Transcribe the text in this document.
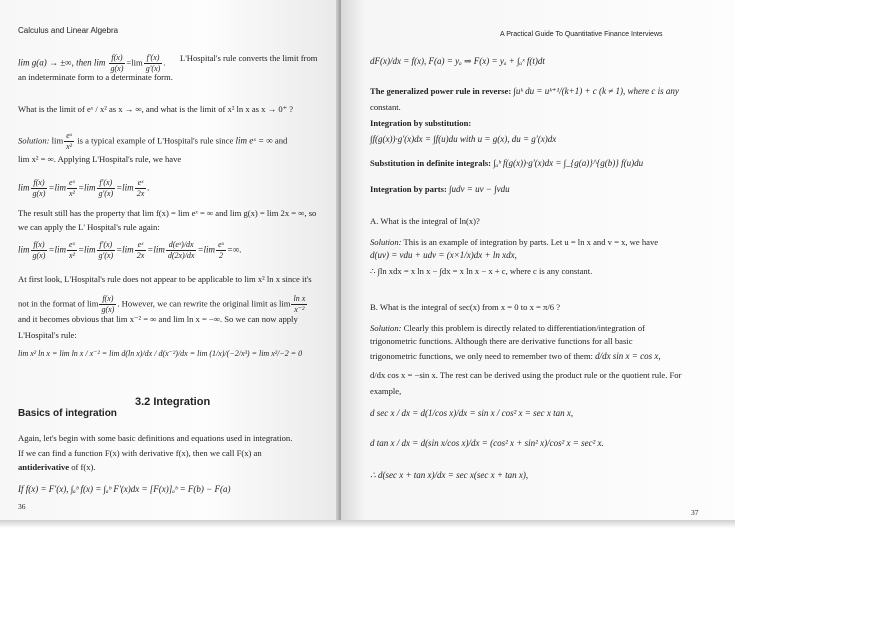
Calculus and Linear Algebra
lim g(a) → ±∞, then $\lim \frac{f(x)}{g(x)} =\lim \frac{f'(x)}{g'(x)}$ . L'Hospital's rule converts the limit from
an indeterminate form to a determinate form.
What is the limit of eˣ / x² as x → ∞, and what is the limit of x² ln x as x → 0⁺ ?
Solution: $\lim \frac{\text{eˣ}}{\text{x²}}$ is a typical example of L'Hospital's rule since lim eˣ = ∞ and
lim x² = ∞. Applying L'Hospital's rule, we have
$\lim \frac{f(x)}{g(x)} =\lim \frac{\text{eˣ}}{\text{x²}} =\lim \frac{f'(x)}{g'(x)} =\lim \frac{\text{eˣ}}{2x}$ .
The result still has the property that lim f(x) = lim eˣ = ∞ and lim g(x) = lim 2x = ∞, so
we can apply the L' Hospital's rule again:
$\lim \frac{f(x)}{g(x)} =\lim \frac{\text{eˣ}}{\text{x²}} =\lim \frac{f'(x)}{g'(x)} =\lim \frac{\text{eˣ}}{2x} =\lim \frac{\text{d(eˣ)/dx}}{d(2x)/dx} =\lim \frac{\text{eˣ}}{2}$ =∞.
At first look, L'Hospital's rule does not appear to be applicable to lim x² ln x since it's
not in the format of $\lim \frac{f(x)}{g(x)}$ . However, we can rewrite the original limit as $\lim \frac{\text{ln x}}{\text{x⁻²}}$
and it becomes obvious that lim x⁻² = ∞ and lim ln x = −∞. So we can now apply
L'Hospital's rule:
lim x² ln x = lim ln x / x⁻² = lim d(ln x)/dx / d(x⁻²)/dx = lim (1/x)/(−2/x³) = lim x²/−2 = 0
3.2 Integration
Basics of integration
Again, let's begin with some basic definitions and equations used in integration.
If we can find a function F(x) with derivative f(x), then we call F(x) an
antiderivative of f(x).
If f(x) = F'(x), ∫ₐᵇ f(x) = ∫ₐᵇ F'(x)dx = [F(x)]ₐᵇ = F(b) − F(a)
36
A Practical Guide To Quantitative Finance Interviews
dF(x)/dx = f(x), F(a) = yₐ ⇒ F(x) = yₐ + ∫ₐˣ f(t)dt
The generalized power rule in reverse: ∫uᵏ du = uᵏ⁺¹/(k+1) + c (k ≠ 1), where c is any
constant.
Integration by substitution:
∫f(g(x))·g'(x)dx = ∫f(u)du with u = g(x), du = g'(x)dx
Substitution in definite integrals: ∫ₐᵇ f(g(x))·g'(x)dx = ∫_{g(a)}^{g(b)} f(u)du
Integration by parts: ∫udv = uv − ∫vdu
A. What is the integral of ln(x)?
Solution: This is an example of integration by parts. Let u = ln x and v = x, we have
d(uv) = vdu + udv = (x×1/x)dx + ln xdx,
∴ ∫ln xdx = x ln x − ∫dx = x ln x − x + c, where c is any constant.
B. What is the integral of sec(x) from x = 0 to x = π/6 ?
Solution: Clearly this problem is directly related to differentiation/integration of
trigonometric functions. Although there are derivative functions for all basic
trigonometric functions, we only need to remember two of them: d/dx sin x = cos x,
d/dx cos x = −sin x. The rest can be derived using the product rule or the quotient rule. For
example,
d sec x / dx = d(1/cos x)/dx = sin x / cos² x = sec x tan x,
d tan x / dx = d(sin x/cos x)/dx = (cos² x + sin² x)/cos² x = sec² x.
∴ d(sec x + tan x)/dx = sec x(sec x + tan x),
37
